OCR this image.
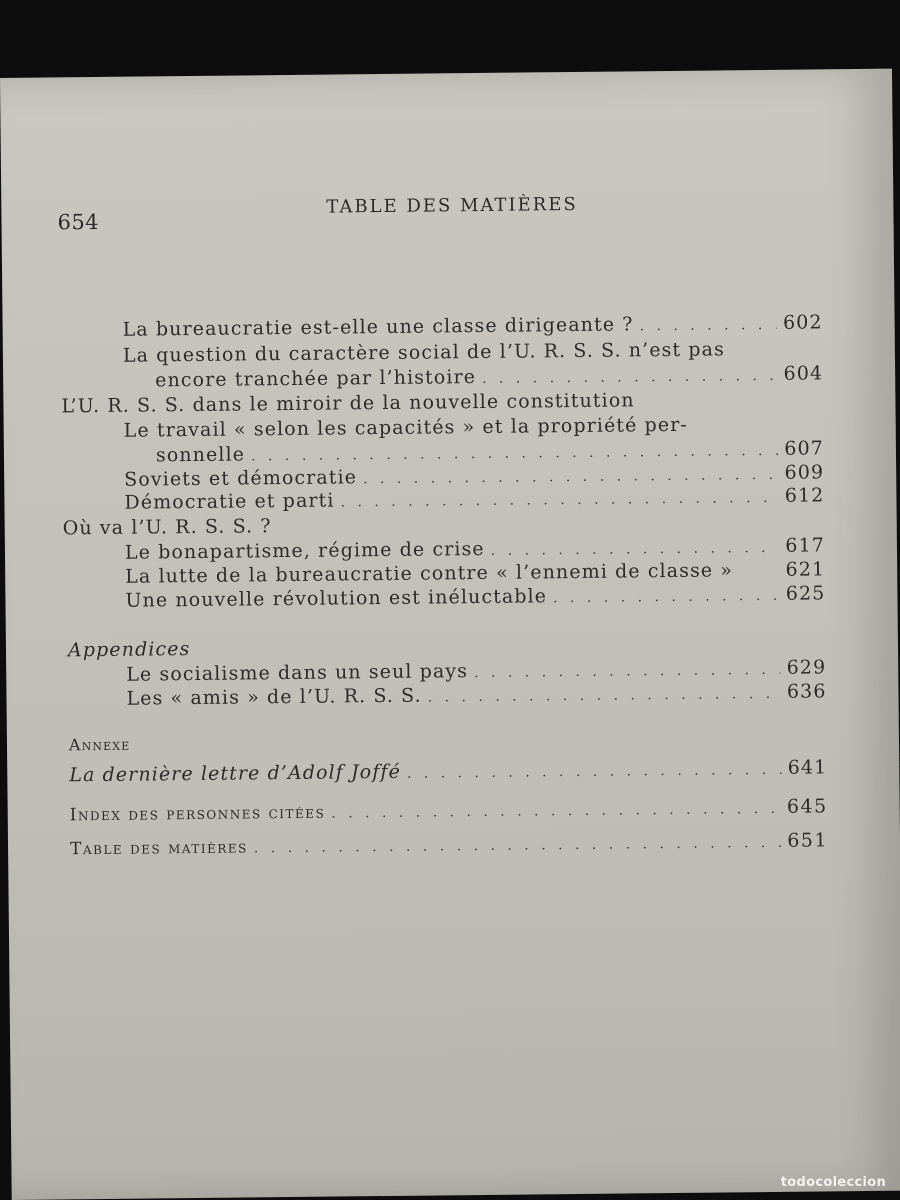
654
TABLE DES MATIÈRES
La bureaucratie est-elle une classe dirigeante ? . . .	602
La question du caractère social de l’U. R. S. S. n’est pas
encore tranchée par l’histoire . . .	604
L’U. R. S. S. dans le miroir de la nouvelle constitution
Le travail « selon les capacités » et la propriété per-
sonnelle . . .	607
Soviets et démocratie . . .	609
Démocratie et parti . . .	612
Où va l’U. R. S. S. ?
Le bonapartisme, régime de crise . . .	617
La lutte de la bureaucratie contre « l’ennemi de classe »	621
Une nouvelle révolution est inéluctable . . .	625
Appendices
Le socialisme dans un seul pays . . .	629
Les « amis » de l’U. R. S. S. . . .	636
Annexe
La dernière lettre d’Adolf Joffé . . .	641
Index des personnes citées . . .	645
Table des matières . . .	651
todocoleccion
